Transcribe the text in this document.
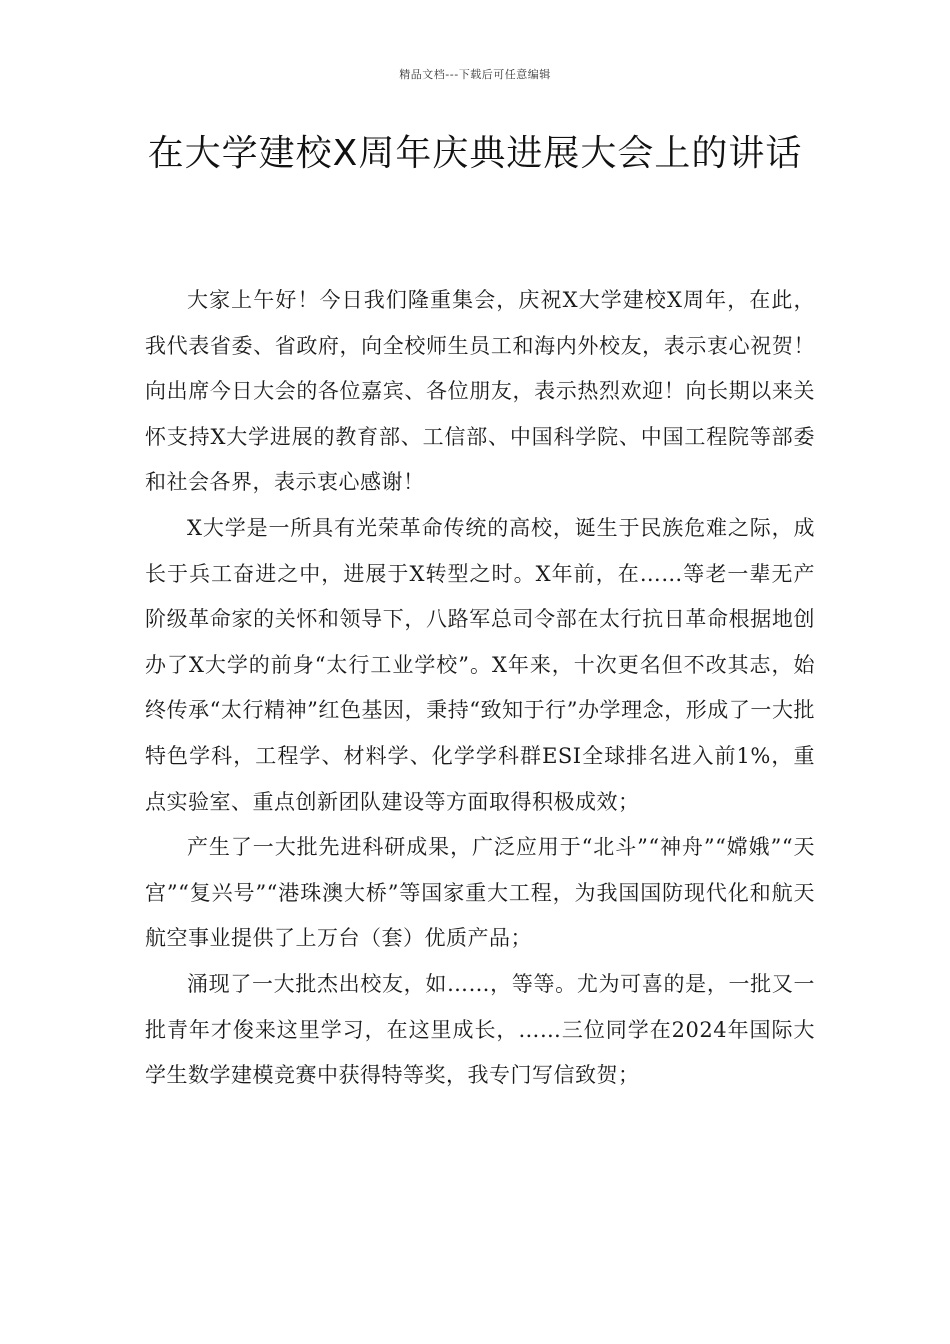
精品文档---下载后可任意编辑
在大学建校X周年庆典进展大会上的讲话

大家上午好！今日我们隆重集会，庆祝X大学建校X周年，在此，我代表省委、省政府，向全校师生员工和海内外校友，表示衷心祝贺！向出席今日大会的各位嘉宾、各位朋友，表示热烈欢迎！向长期以来关怀支持X大学进展的教育部、工信部、中国科学院、中国工程院等部委和社会各界，表示衷心感谢！

X大学是一所具有光荣革命传统的高校，诞生于民族危难之际，成长于兵工奋进之中，进展于X转型之时。X年前，在……等老一辈无产阶级革命家的关怀和领导下，八路军总司令部在太行抗日革命根据地创办了X大学的前身“太行工业学校”。X年来，十次更名但不改其志，始终传承“太行精神”红色基因，秉持“致知于行”办学理念，形成了一大批特色学科，工程学、材料学、化学学科群ESI全球排名进入前1%，重点实验室、重点创新团队建设等方面取得积极成效；

产生了一大批先进科研成果，广泛应用于“北斗”“神舟”“嫦娥”“天宫”“复兴号”“港珠澳大桥”等国家重大工程，为我国国防现代化和航天航空事业提供了上万台（套）优质产品；

涌现了一大批杰出校友，如……，等等。尤为可喜的是，一批又一批青年才俊来这里学习，在这里成长，……三位同学在2024年国际大学生数学建模竞赛中获得特等奖，我专门写信致贺；
